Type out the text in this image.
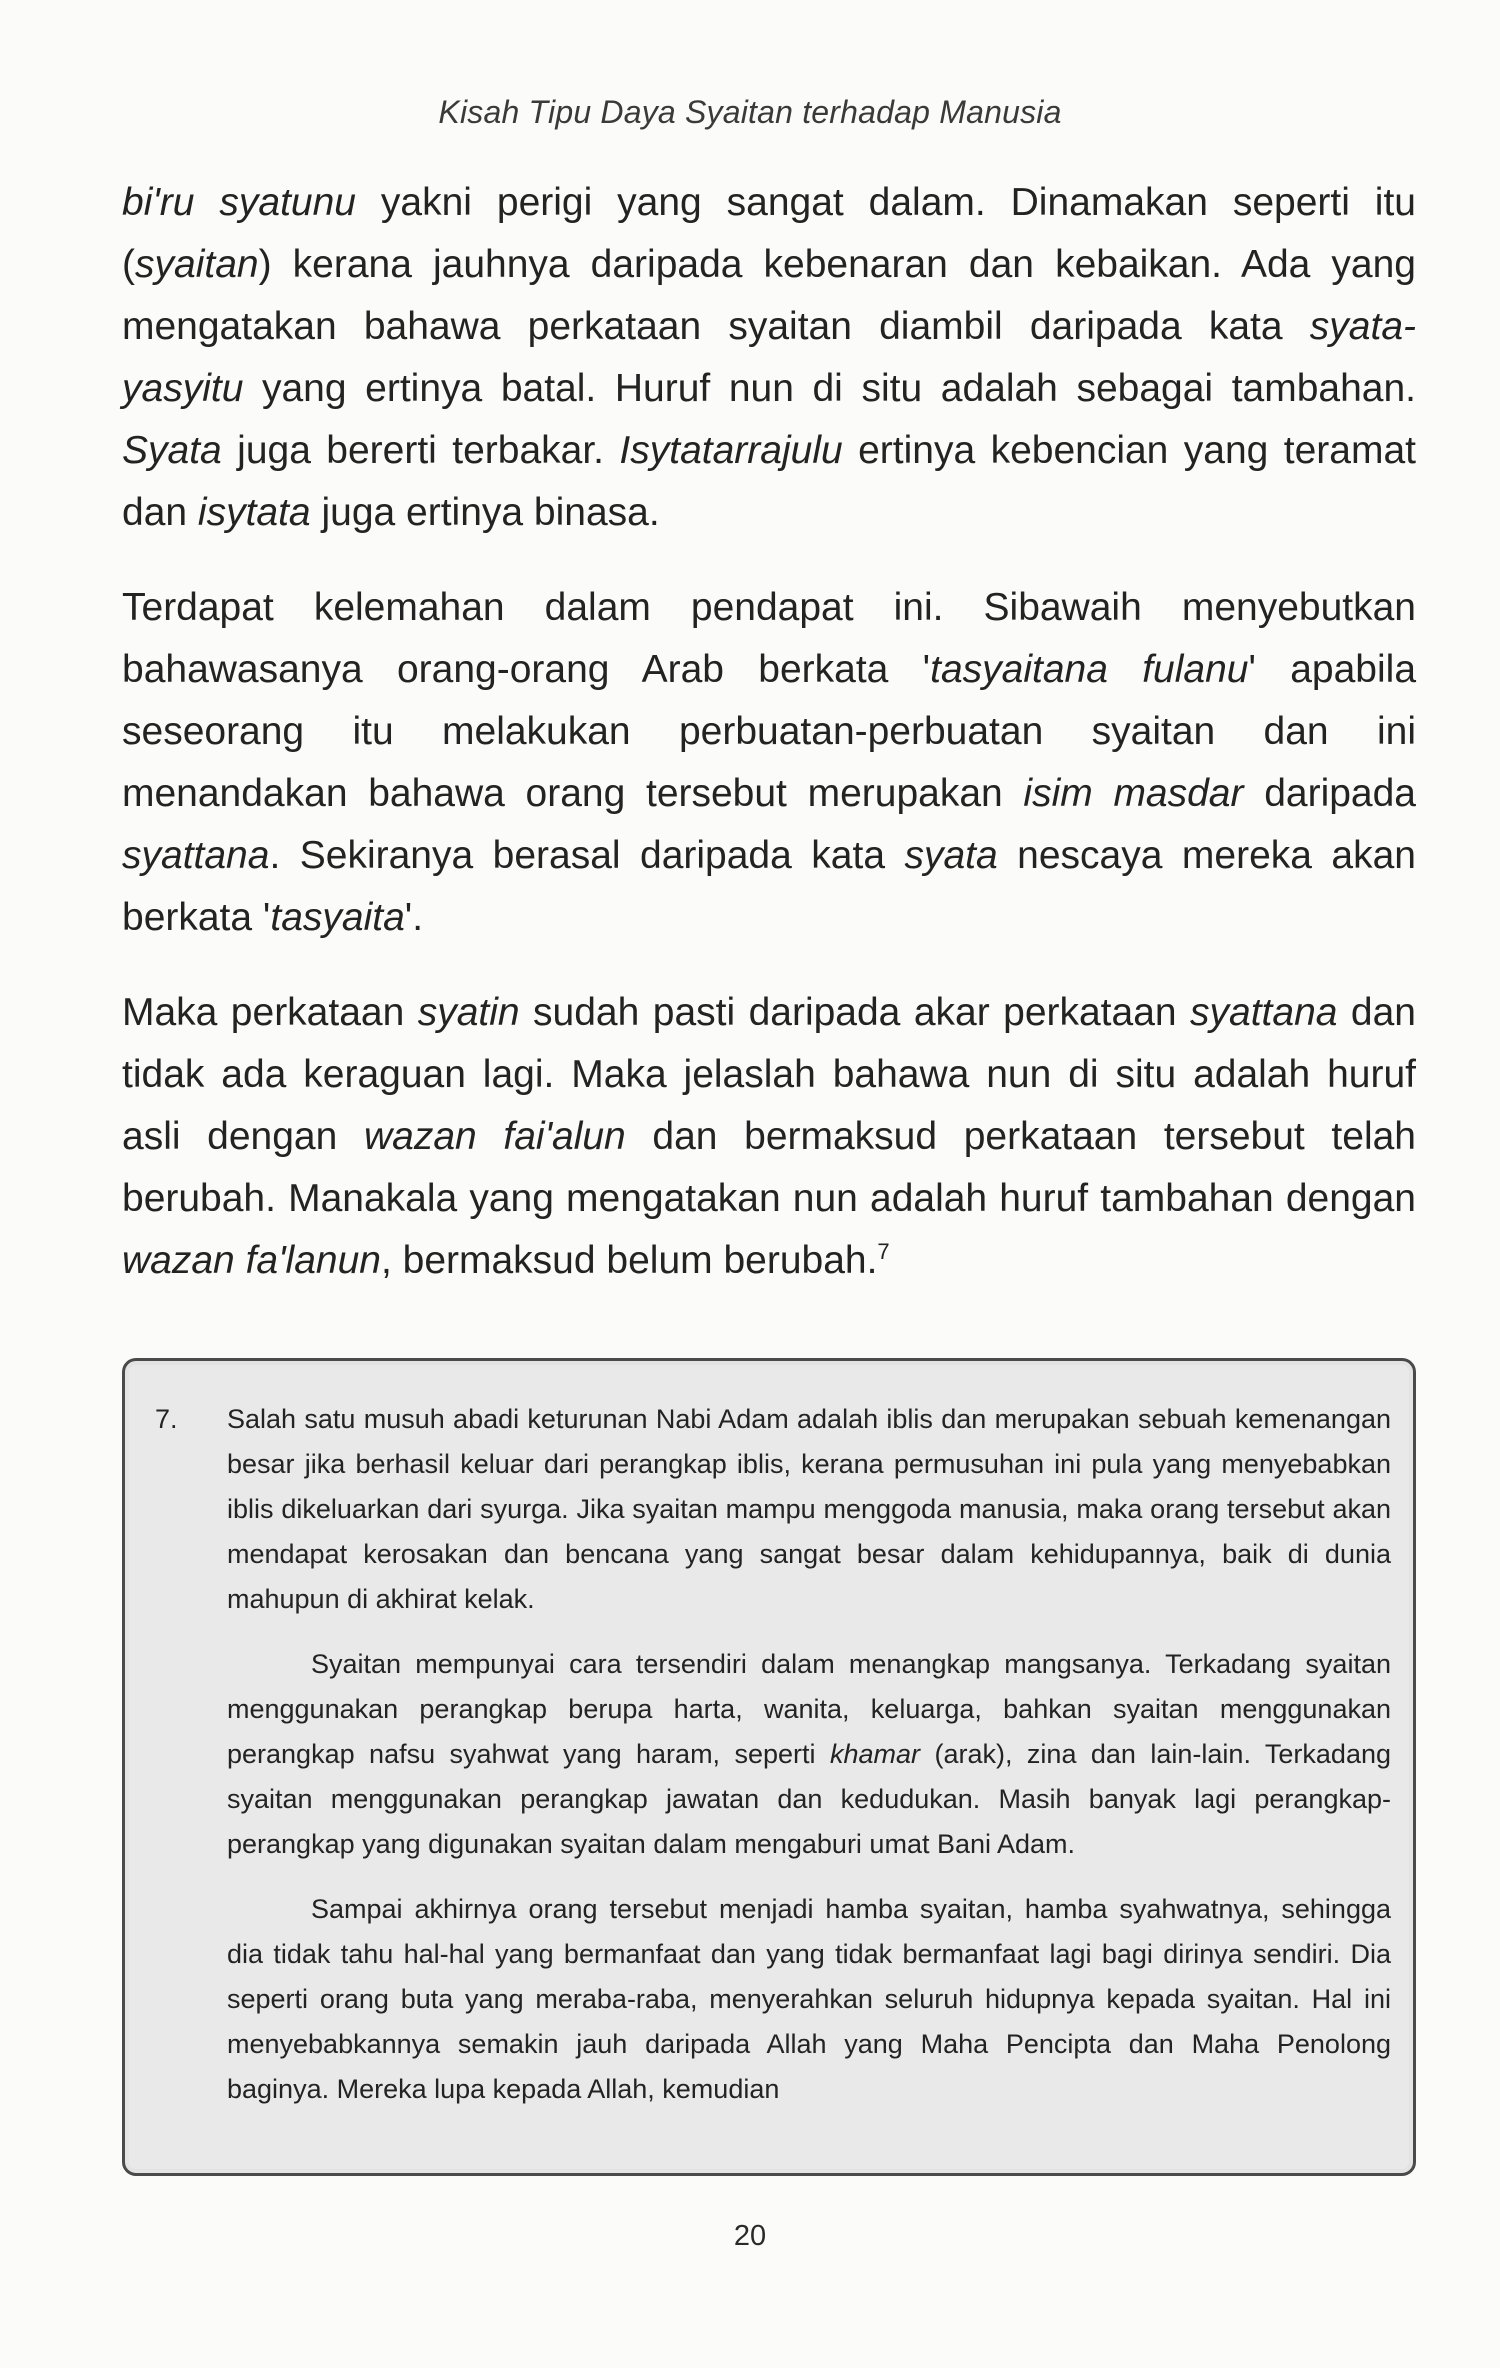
Kisah Tipu Daya Syaitan terhadap Manusia

bi'ru syatunu yakni perigi yang sangat dalam. Dinamakan seperti itu (syaitan) kerana jauhnya daripada kebenaran dan kebaikan. Ada yang mengatakan bahawa perkataan syaitan diambil daripada kata syata-yasyitu yang ertinya batal. Huruf nun di situ adalah sebagai tambahan. Syata juga bererti terbakar. Isytatarrajulu ertinya kebencian yang teramat dan isytata juga ertinya binasa.

Terdapat kelemahan dalam pendapat ini. Sibawaih menyebutkan bahawasanya orang-orang Arab berkata 'tasyaitana fulanu' apabila seseorang itu melakukan perbuatan-perbuatan syaitan dan ini menandakan bahawa orang tersebut merupakan isim masdar daripada syattana. Sekiranya berasal daripada kata syata nescaya mereka akan berkata 'tasyaita'.

Maka perkataan syatin sudah pasti daripada akar perkataan syattana dan tidak ada keraguan lagi. Maka jelaslah bahawa nun di situ adalah huruf asli dengan wazan fai'alun dan bermaksud perkataan tersebut telah berubah. Manakala yang mengatakan nun adalah huruf tambahan dengan wazan fa'lanun, bermaksud belum berubah.$^7$

7. Salah satu musuh abadi keturunan Nabi Adam adalah iblis dan merupakan sebuah kemenangan besar jika berhasil keluar dari perangkap iblis, kerana permusuhan ini pula yang menyebabkan iblis dikeluarkan dari syurga. Jika syaitan mampu menggoda manusia, maka orang tersebut akan mendapat kerosakan dan bencana yang sangat besar dalam kehidupannya, baik di dunia mahupun di akhirat kelak.

Syaitan mempunyai cara tersendiri dalam menangkap mangsanya. Terkadang syaitan menggunakan perangkap berupa harta, wanita, keluarga, bahkan syaitan menggunakan perangkap nafsu syahwat yang haram, seperti khamar (arak), zina dan lain-lain. Terkadang syaitan menggunakan perangkap jawatan dan kedudukan. Masih banyak lagi perangkap-perangkap yang digunakan syaitan dalam mengaburi umat Bani Adam.

Sampai akhirnya orang tersebut menjadi hamba syaitan, hamba syahwatnya, sehingga dia tidak tahu hal-hal yang bermanfaat dan yang tidak bermanfaat lagi bagi dirinya sendiri. Dia seperti orang buta yang meraba-raba, menyerahkan seluruh hidupnya kepada syaitan. Hal ini menyebabkannya semakin jauh daripada Allah yang Maha Pencipta dan Maha Penolong baginya. Mereka lupa kepada Allah, kemudian

20
